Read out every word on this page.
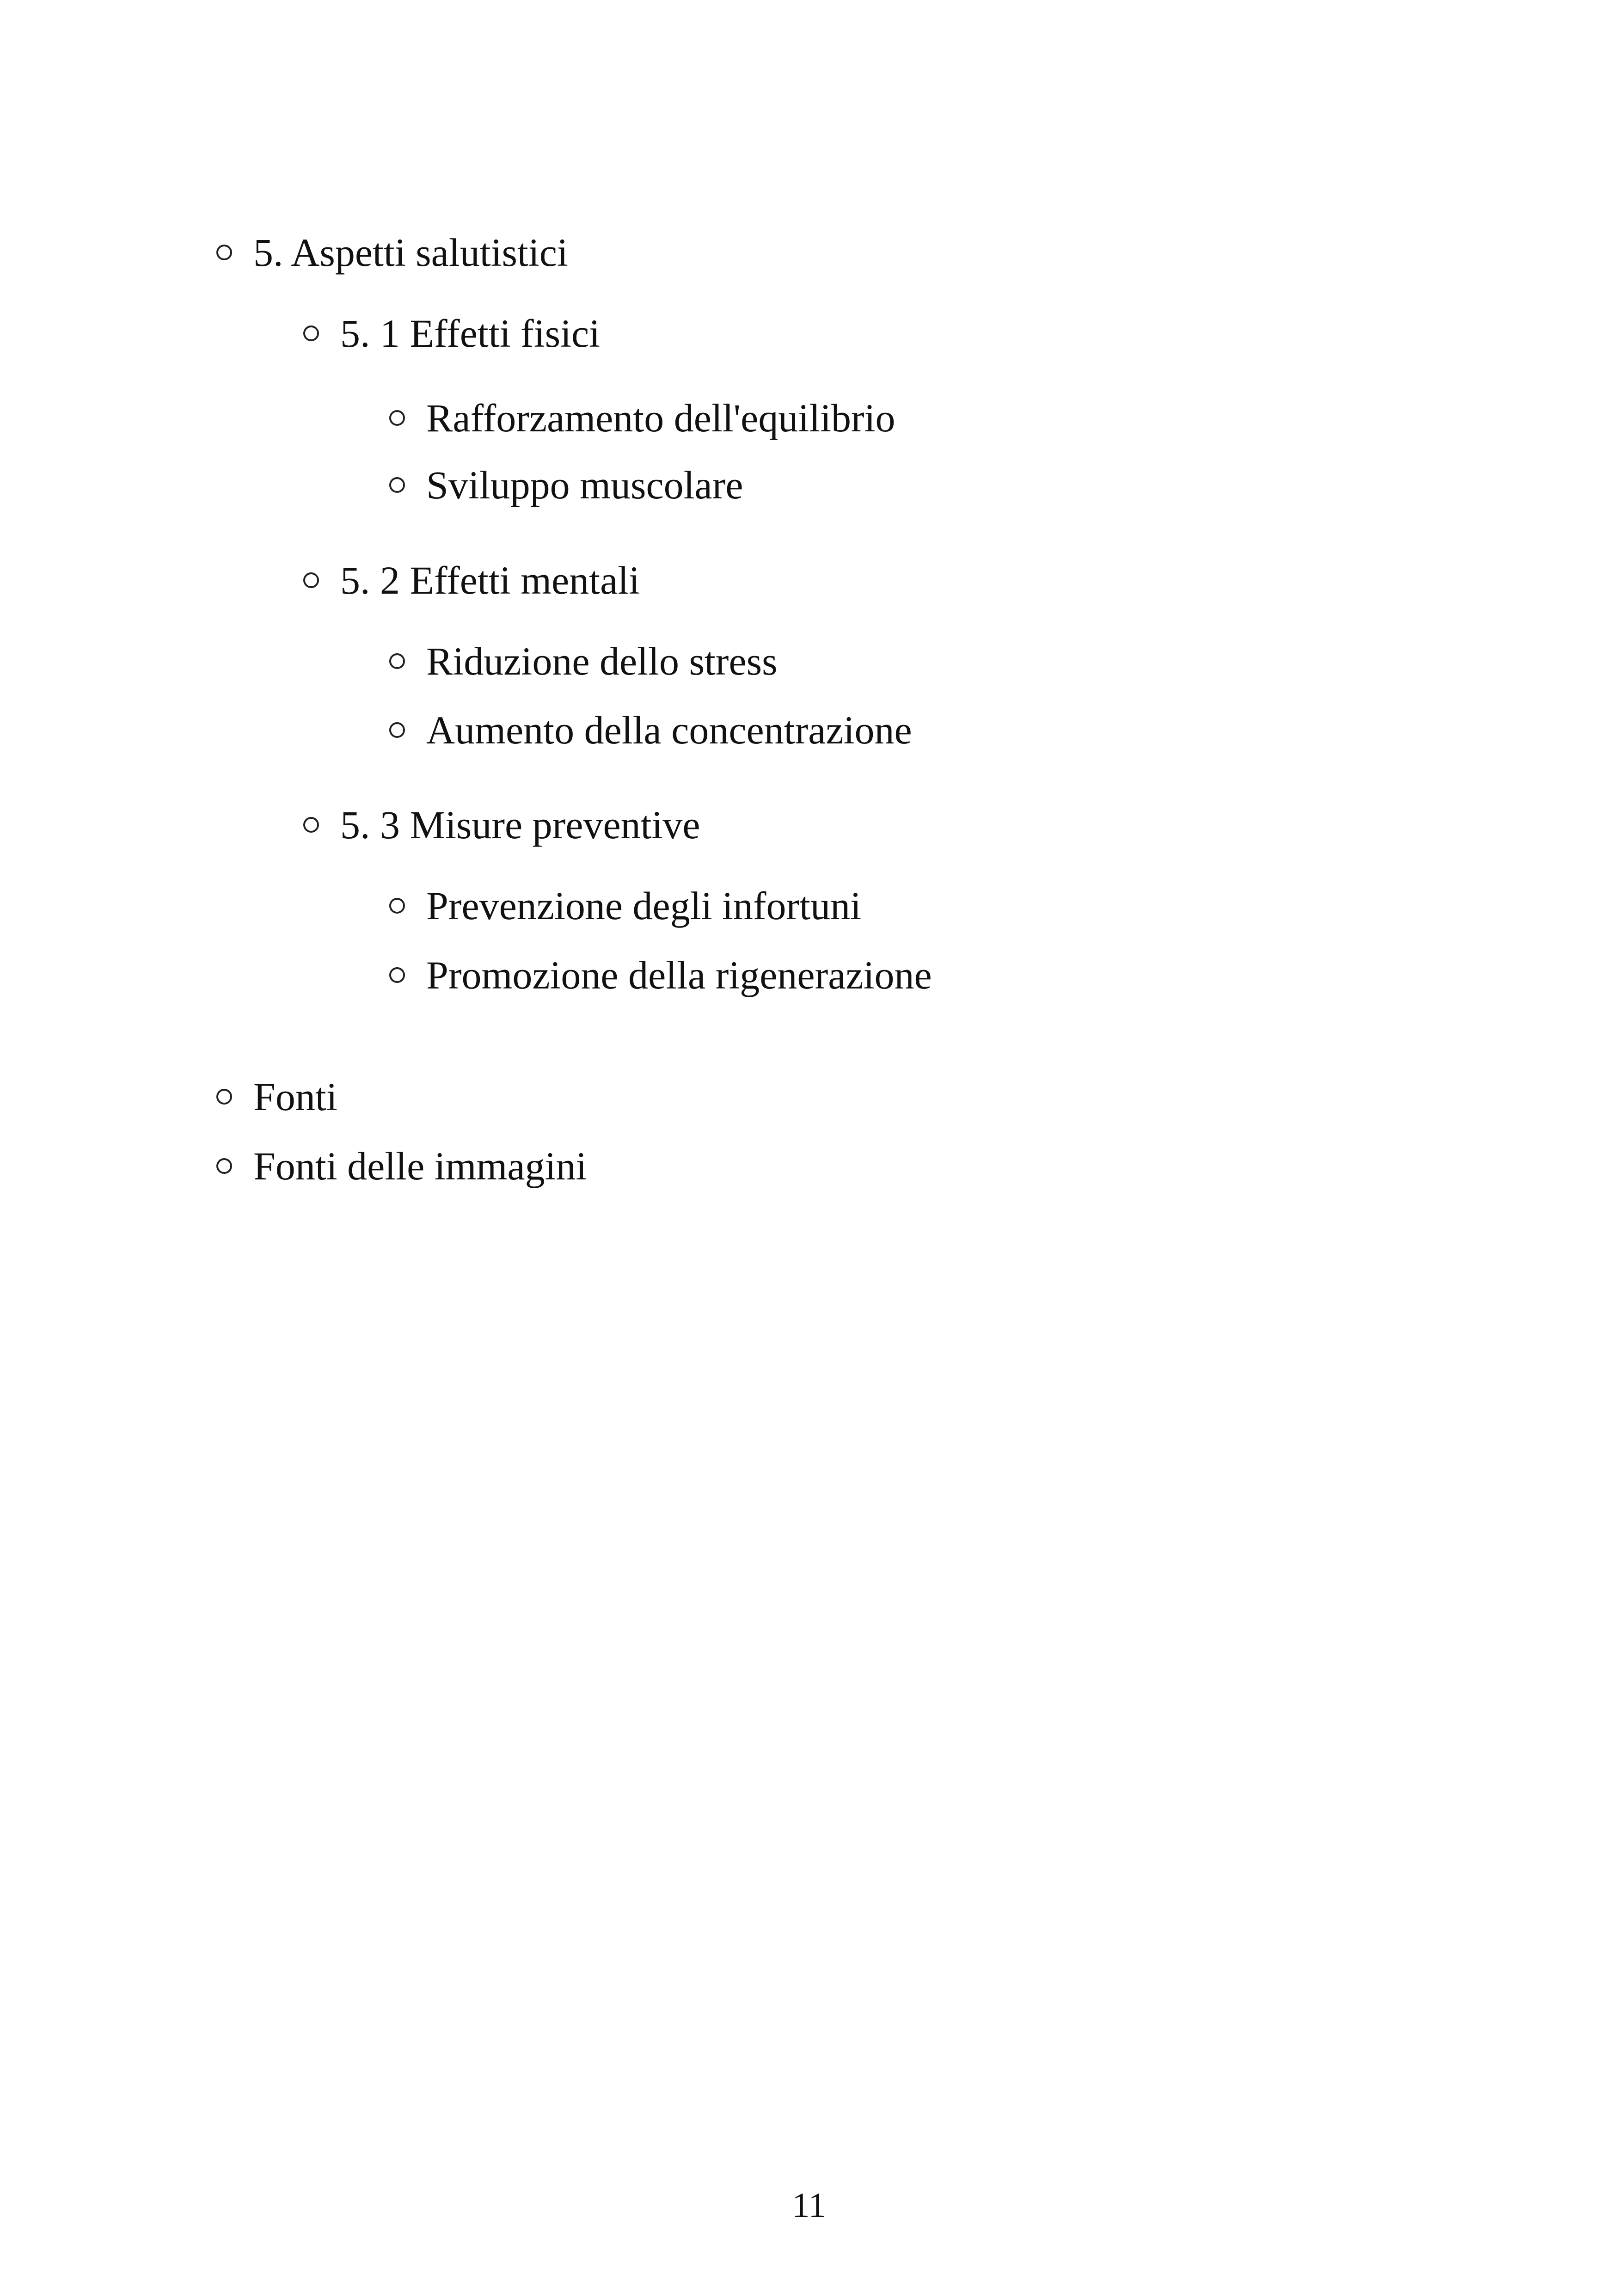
5. Aspetti salutistici
5. 1 Effetti fisici
Rafforzamento dell'equilibrio
Sviluppo muscolare
5. 2 Effetti mentali
Riduzione dello stress
Aumento della concentrazione
5. 3 Misure preventive
Prevenzione degli infortuni
Promozione della rigenerazione
Fonti
Fonti delle immagini
11
